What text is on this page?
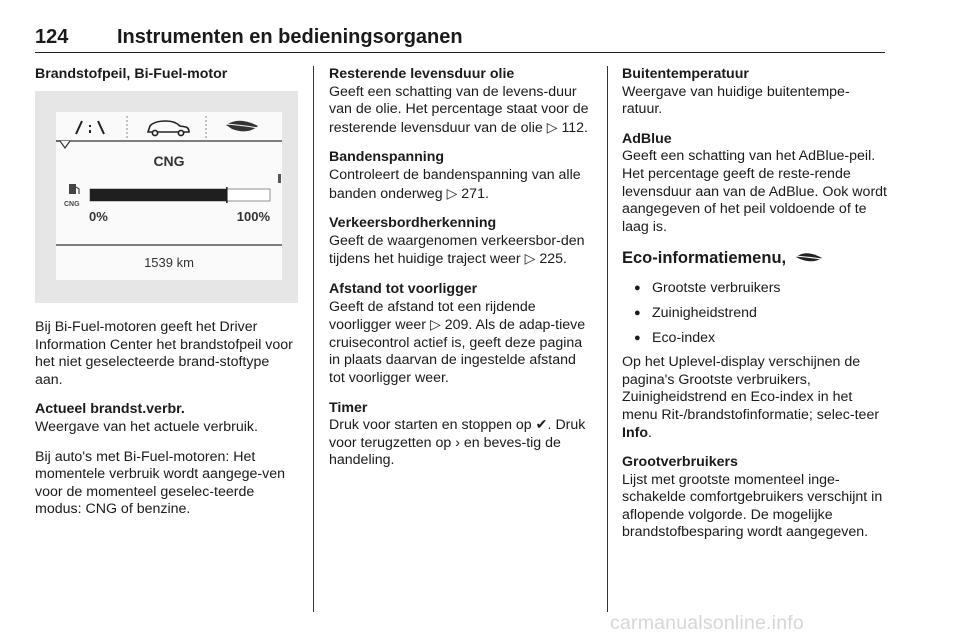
124 Instrumenten en bedieningsorganen
Brandstofpeil, Bi-Fuel-motor
CNG
CNG
0%	100%
1539 km

Bij Bi-Fuel-motoren geeft het Driver Information Center het brandstofpeil voor het niet geselecteerde brand-stoftype aan.

Actueel brandst.verbr.
Weergave van het actuele verbruik.

Bij auto's met Bi-Fuel-motoren: Het momentele verbruik wordt aangege-ven voor de momenteel geselec-teerde modus: CNG of benzine.

Resterende levensduur olie
Geeft een schatting van de levens-duur van de olie. Het percentage staat voor de resterende levensduur van de olie ▷ 112.

Bandenspanning
Controleert de bandenspanning van alle banden onderweg ▷ 271.

Verkeersbordherkenning
Geeft de waargenomen verkeersbor-den tijdens het huidige traject weer ▷ 225.

Afstand tot voorligger
Geeft de afstand tot een rijdende voorligger weer ▷ 209. Als de adap-tieve cruisecontrol actief is, geeft deze pagina in plaats daarvan de ingestelde afstand tot voorligger weer.

Timer
Druk voor starten en stoppen op ✔. Druk voor terugzetten op › en beves-tig de handeling.

Buitentemperatuur
Weergave van huidige buitentempe-ratuur.

AdBlue
Geeft een schatting van het AdBlue-peil. Het percentage geeft de reste-rende levensduur aan van de AdBlue. Ook wordt aangegeven of het peil voldoende of te laag is.

Eco-informatiemenu,
● Grootste verbruikers
● Zuinigheidstrend
● Eco-index

Op het Uplevel-display verschijnen de pagina's Grootste verbruikers, Zuinigheidstrend en Eco-index in het menu Rit-/brandstofinformatie; selec-teer Info.

Grootverbruikers
Lijst met grootste momenteel inge-schakelde comfortgebruikers verschijnt in aflopende volgorde. De mogelijke brandstofbesparing wordt aangegeven.

carmanualsonline.info
